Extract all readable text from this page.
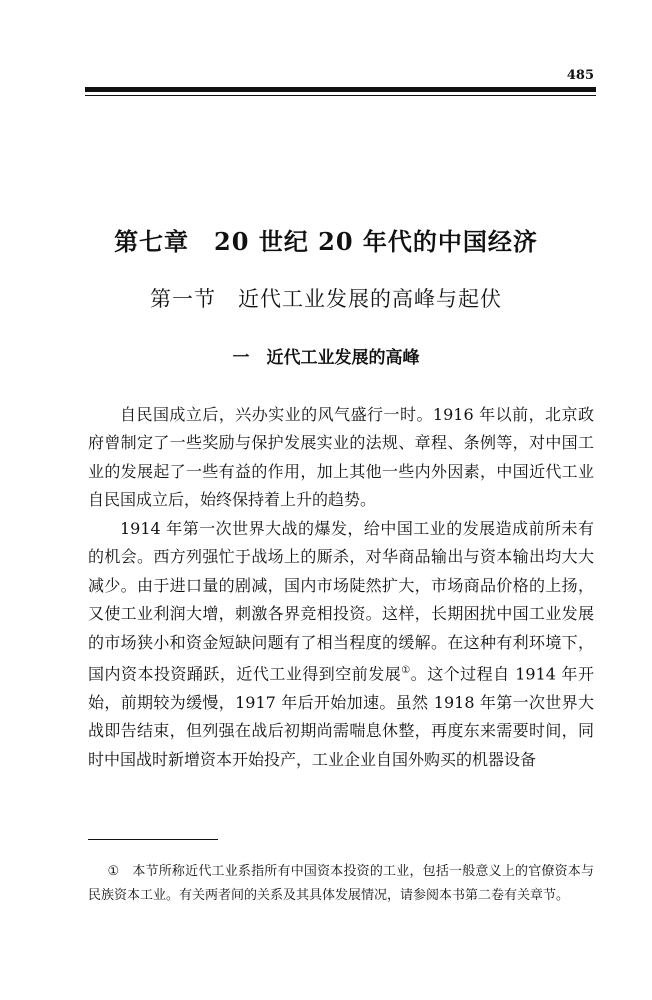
485
第七章　20 世纪 20 年代的中国经济
第一节　近代工业发展的高峰与起伏
一　近代工业发展的高峰

自民国成立后，兴办实业的风气盛行一时。1916 年以前，北京政府曾制定了一些奖励与保护发展实业的法规、章程、条例等，对中国工业的发展起了一些有益的作用，加上其他一些内外因素，中国近代工业自民国成立后，始终保持着上升的趋势。

1914 年第一次世界大战的爆发，给中国工业的发展造成前所未有的机会。西方列强忙于战场上的厮杀，对华商品输出与资本输出均大大减少。由于进口量的剧减，国内市场陡然扩大，市场商品价格的上扬，又使工业利润大增，刺激各界竞相投资。这样，长期困扰中国工业发展的市场狭小和资金短缺问题有了相当程度的缓解。在这种有利环境下，国内资本投资踊跃，近代工业得到空前发展①。这个过程自 1914 年开始，前期较为缓慢，1917 年后开始加速。虽然 1918 年第一次世界大战即告结束，但列强在战后初期尚需喘息休整，再度东来需要时间，同时中国战时新增资本开始投产，工业企业自国外购买的机器设备

① 本节所称近代工业系指所有中国资本投资的工业，包括一般意义上的官僚资本与民族资本工业。有关两者间的关系及其具体发展情况，请参阅本书第二卷有关章节。
